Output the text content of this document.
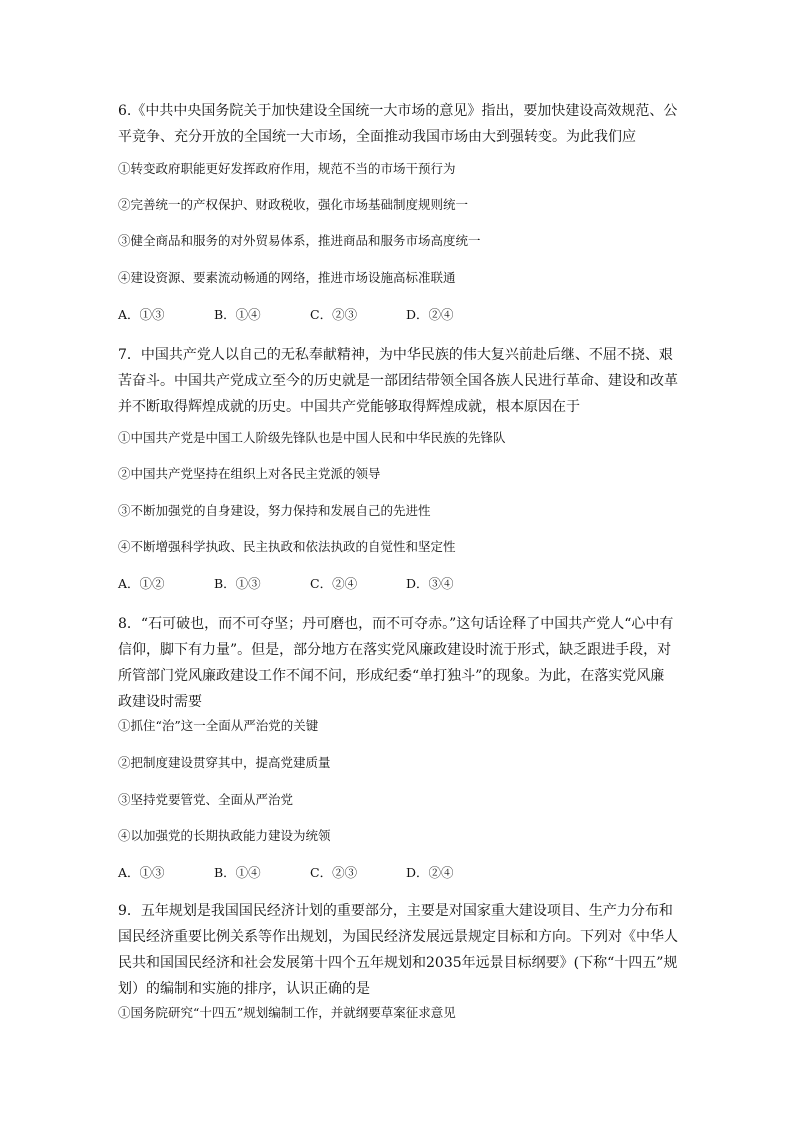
6.《中共中央国务院关于加快建设全国统一大市场的意见》指出，要加快建设高效规范、公平竞争、充分开放的全国统一大市场，全面推动我国市场由大到强转变。为此我们应

①转变政府职能更好发挥政府作用，规范不当的市场干预行为

②完善统一的产权保护、财政税收，强化市场基础制度规则统一

③健全商品和服务的对外贸易体系，推进商品和服务市场高度统一

④建设资源、要素流动畅通的网络，推进市场设施高标准联通

A．①③	B．①④	C．②③	D．②④

7．中国共产党人以自己的无私奉献精神，为中华民族的伟大复兴前赴后继、不屈不挠、艰苦奋斗。中国共产党成立至今的历史就是一部团结带领全国各族人民进行革命、建设和改革并不断取得辉煌成就的历史。中国共产党能够取得辉煌成就，根本原因在于

①中国共产党是中国工人阶级先锋队也是中国人民和中华民族的先锋队

②中国共产党坚持在组织上对各民主党派的领导

③不断加强党的自身建设，努力保持和发展自己的先进性

④不断增强科学执政、民主执政和依法执政的自觉性和坚定性

A．①②	B．①③	C．②④	D．③④

8．“石可破也，而不可夺坚；丹可磨也，而不可夺赤。”这句话诠释了中国共产党人“心中有信仰，脚下有力量”。但是，部分地方在落实党风廉政建设时流于形式，缺乏跟进手段，对所管部门党风廉政建设工作不闻不问，形成纪委“单打独斗”的现象。为此，在落实党风廉政建设时需要

①抓住“治”这一全面从严治党的关键

②把制度建设贯穿其中，提高党建质量

③坚持党要管党、全面从严治党

④以加强党的长期执政能力建设为统领

A．①③	B．①④	C．②③	D．②④

9．五年规划是我国国民经济计划的重要部分，主要是对国家重大建设项目、生产力分布和国民经济重要比例关系等作出规划，为国民经济发展远景规定目标和方向。下列对《中华人民共和国国民经济和社会发展第十四个五年规划和2035年远景目标纲要》(下称“十四五”规划）的编制和实施的排序，认识正确的是

①国务院研究“十四五”规划编制工作，并就纲要草案征求意见
